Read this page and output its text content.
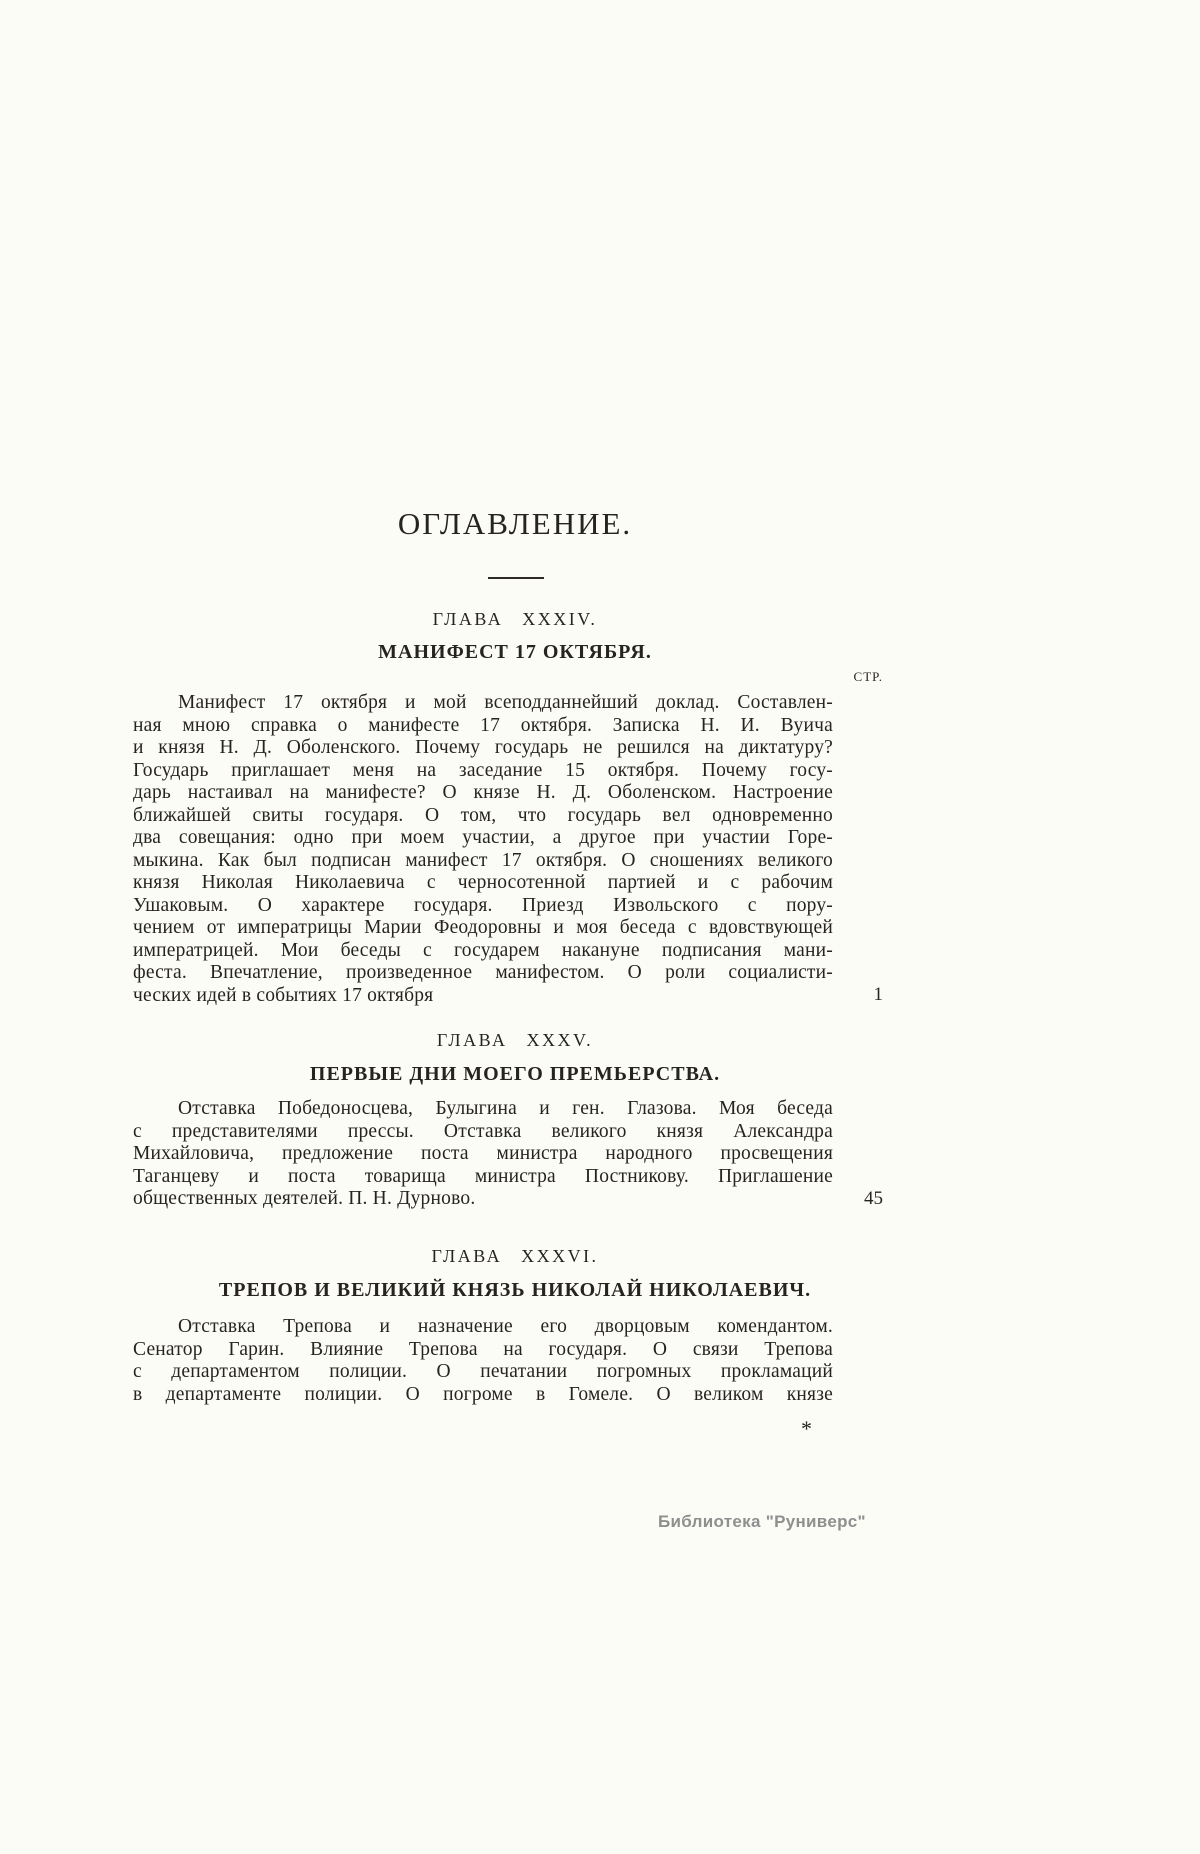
ОГЛАВЛЕНИЕ.
ГЛАВА XXXIV.
МАНИФЕСТ 17 ОКТЯБРЯ.
СТР.
Манифест 17 октября и мой всеподданнейший доклад. Составлен-
ная мною справка о манифесте 17 октября. Записка Н. И. Вуича
и князя Н. Д. Оболенского. Почему государь не решился на диктатуру?
Государь приглашает меня на заседание 15 октября. Почему госу-
дарь настаивал на манифесте? О князе Н. Д. Оболенском. Настроение
ближайшей свиты государя. О том, что государь вел одновременно
два совещания: одно при моем участии, а другое при участии Горе-
мыкина. Как был подписан манифест 17 октября. О сношениях великого
князя Николая Николаевича с черносотенной партией и с рабочим
Ушаковым. О характере государя. Приезд Извольского с пору-
чением от императрицы Марии Феодоровны и моя беседа с вдовствующей
императрицей. Мои беседы с государем накануне подписания мани-
феста. Впечатление, произведенное манифестом. О роли социалисти-
ческих идей в событиях 17 октября	1
ГЛАВА XXXV.
ПЕРВЫЕ ДНИ МОЕГО ПРЕМЬЕРСТВА.
Отставка Победоносцева, Булыгина и ген. Глазова. Моя беседа
с представителями прессы. Отставка великого князя Александра
Михайловича, предложение поста министра народного просвещения
Таганцеву и поста товарища министра Постникову. Приглашение
общественных деятелей. П. Н. Дурново.	45
ГЛАВА XXXVI.
ТРЕПОВ И ВЕЛИКИЙ КНЯЗЬ НИКОЛАЙ НИКОЛАЕВИЧ.
Отставка Трепова и назначение его дворцовым комендантом.
Сенатор Гарин. Влияние Трепова на государя. О связи Трепова
с департаментом полиции. О печатании погромных прокламаций
в департаменте полиции. О погроме в Гомеле. О великом князе
*
Библиотека "Руниверс"
